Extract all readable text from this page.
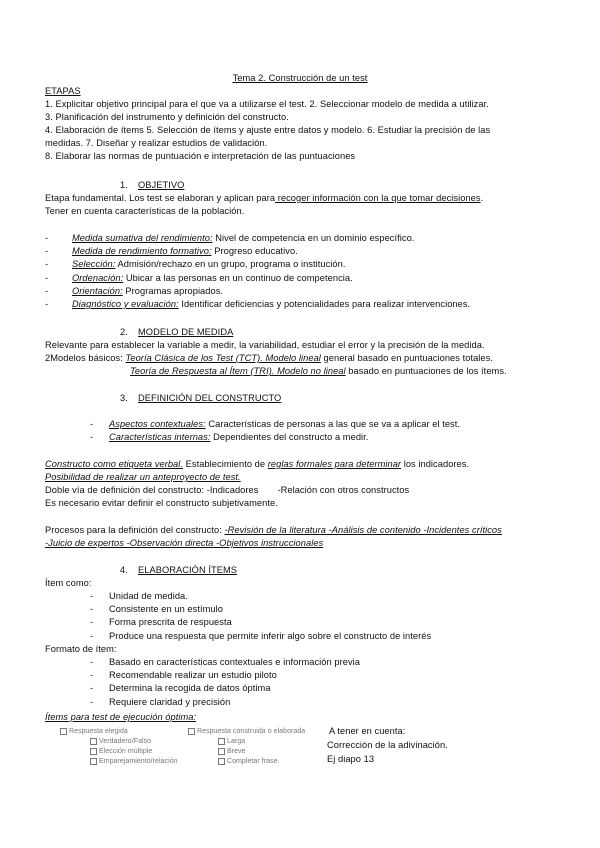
Tema 2. Construcción de un test
ETAPAS
1. Explicitar objetivo principal para el que va a utilizarse el test. 2. Seleccionar modelo de medida a utilizar.
3. Planificación del instrumento y definición del constructo.
4. Elaboración de ítems 5. Selección de ítems y ajuste entre datos y modelo. 6. Estudiar la precisión de las
medidas. 7. Diseñar y realizar estudios de validación.
8. Elaborar las normas de puntuación e interpretación de las puntuaciones
1. OBJETIVO
Etapa fundamental. Los test se elaboran y aplican para recoger información con la que tomar decisiones.
Tener en cuenta características de la población.
-	Medida sumativa del rendimiento: Nivel de competencia en un dominio específico.
-	Medida de rendimiento formativo: Progreso educativo.
-	Selección: Admisión/rechazo en un grupo, programa o institución.
-	Ordenación: Ubicar a las personas en un continuo de competencia.
-	Orientación: Programas apropiados.
-	Diagnóstico y evaluación: Identificar deficiencias y potencialidades para realizar intervenciones.
2. MODELO DE MEDIDA
Relevante para establecer la variable a medir, la variabilidad, estudiar el error y la precisión de la medida.
2Modelos básicos: Teoría Clásica de los Test (TCT). Modelo lineal general basado en puntuaciones totales.
Teoría de Respuesta al Ítem (TRI). Modelo no lineal basado en puntuaciones de los ítems.
3. DEFINICIÓN DEL CONSTRUCTO
- Aspectos contextuales: Características de personas a las que se va a aplicar el test.
- Características internas: Dependientes del constructo a medir.
Constructo como etiqueta verbal. Establecimiento de reglas formales para determinar los indicadores.
Posibilidad de realizar un anteproyecto de test.
Doble vía de definición del constructo: -Indicadores -Relación con otros constructos
Es necesario evitar definir el constructo subjetivamente.
Procesos para la definición del constructo: -Revisión de la literatura -Análisis de contenido -Incidentes críticos
-Juicio de expertos -Observación directa -Objetivos instruccionales
4. ELABORACIÓN ÍTEMS
Ítem como:
- Unidad de medida.
- Consistente en un estímulo
- Forma prescrita de respuesta
- Produce una respuesta que permite inferir algo sobre el constructo de interés
Formato de ítem:
- Basado en características contextuales e información previa
- Recomendable realizar un estudio piloto
- Determina la recogida de datos óptima
- Requiere claridad y precisión
Ítems para test de ejecución óptima:
Respuesta elegida
Verdadero/Falso
Elección múltiple
Emparejamiento/relación
Respuesta construida o elaborada
Larga
Breve
Completar frase.
A tener en cuenta:
Corrección de la adivinación.
Ej diapo 13
